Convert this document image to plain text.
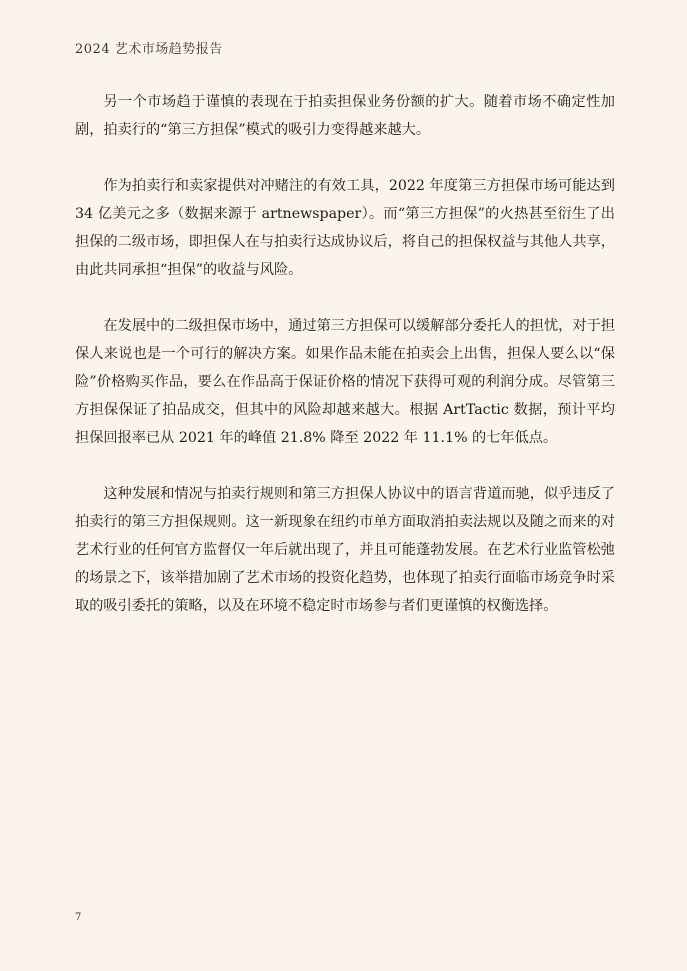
2024 艺术市场趋势报告

另一个市场趋于谨慎的表现在于拍卖担保业务份额的扩大。随着市场不确定性加剧，拍卖行的“第三方担保”模式的吸引力变得越来越大。

作为拍卖行和卖家提供对冲赌注的有效工具，2022 年度第三方担保市场可能达到 34 亿美元之多（数据来源于 artnewspaper）。而“第三方担保”的火热甚至衍生了出担保的二级市场，即担保人在与拍卖行达成协议后，将自己的担保权益与其他人共享，由此共同承担“担保”的收益与风险。

在发展中的二级担保市场中，通过第三方担保可以缓解部分委托人的担忧，对于担保人来说也是一个可行的解决方案。如果作品未能在拍卖会上出售，担保人要么以“保险”价格购买作品，要么在作品高于保证价格的情况下获得可观的利润分成。尽管第三方担保保证了拍品成交，但其中的风险却越来越大。根据 ArtTactic 数据，预计平均担保回报率已从 2021 年的峰值 21.8% 降至 2022 年 11.1% 的七年低点。

这种发展和情况与拍卖行规则和第三方担保人协议中的语言背道而驰，似乎违反了拍卖行的第三方担保规则。这一新现象在纽约市单方面取消拍卖法规以及随之而来的对艺术行业的任何官方监督仅一年后就出现了，并且可能蓬勃发展。在艺术行业监管松弛的场景之下，该举措加剧了艺术市场的投资化趋势，也体现了拍卖行面临市场竞争时采取的吸引委托的策略，以及在环境不稳定时市场参与者们更谨慎的权衡选择。

7
